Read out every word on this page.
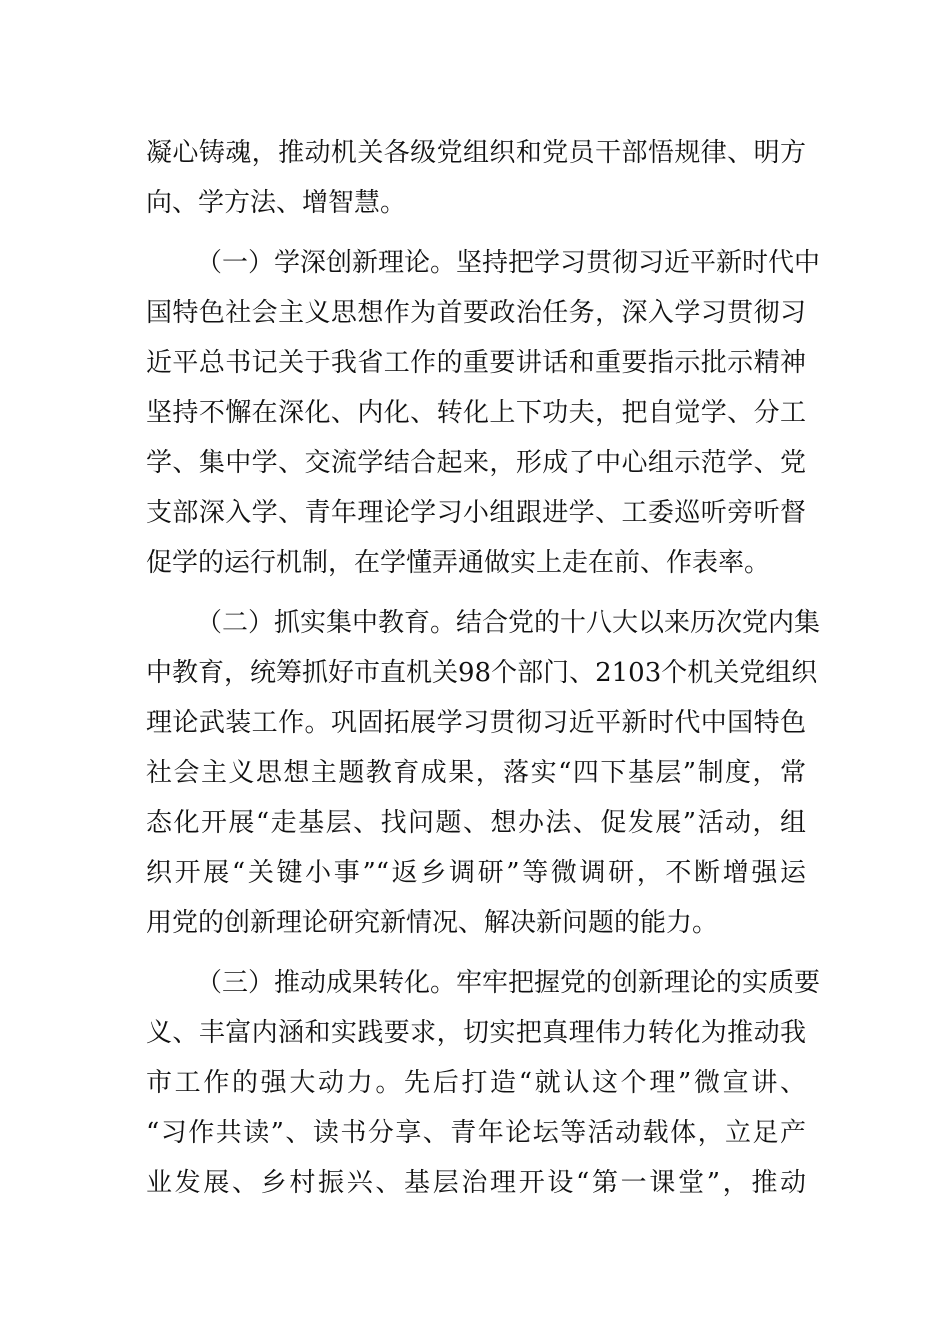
凝心铸魂，推动机关各级党组织和党员干部悟规律、明方
向、学方法、增智慧。
（一）学深创新理论。坚持把学习贯彻习近平新时代中
国特色社会主义思想作为首要政治任务，深入学习贯彻习
近平总书记关于我省工作的重要讲话和重要指示批示精神
坚持不懈在深化、内化、转化上下功夫，把自觉学、分工
学、集中学、交流学结合起来，形成了中心组示范学、党
支部深入学、青年理论学习小组跟进学、工委巡听旁听督
促学的运行机制，在学懂弄通做实上走在前、作表率。
（二）抓实集中教育。结合党的十八大以来历次党内集
中教育，统筹抓好市直机关98个部门、2103个机关党组织
理论武装工作。巩固拓展学习贯彻习近平新时代中国特色
社会主义思想主题教育成果，落实“四下基层”制度，常
态化开展“走基层、找问题、想办法、促发展”活动，组
织开展“关键小事”“返乡调研”等微调研，不断增强运
用党的创新理论研究新情况、解决新问题的能力。
（三）推动成果转化。牢牢把握党的创新理论的实质要
义、丰富内涵和实践要求，切实把真理伟力转化为推动我
市工作的强大动力。先后打造“就认这个理”微宣讲、
“习作共读”、读书分享、青年论坛等活动载体，立足产
业发展、乡村振兴、基层治理开设“第一课堂”，推动
